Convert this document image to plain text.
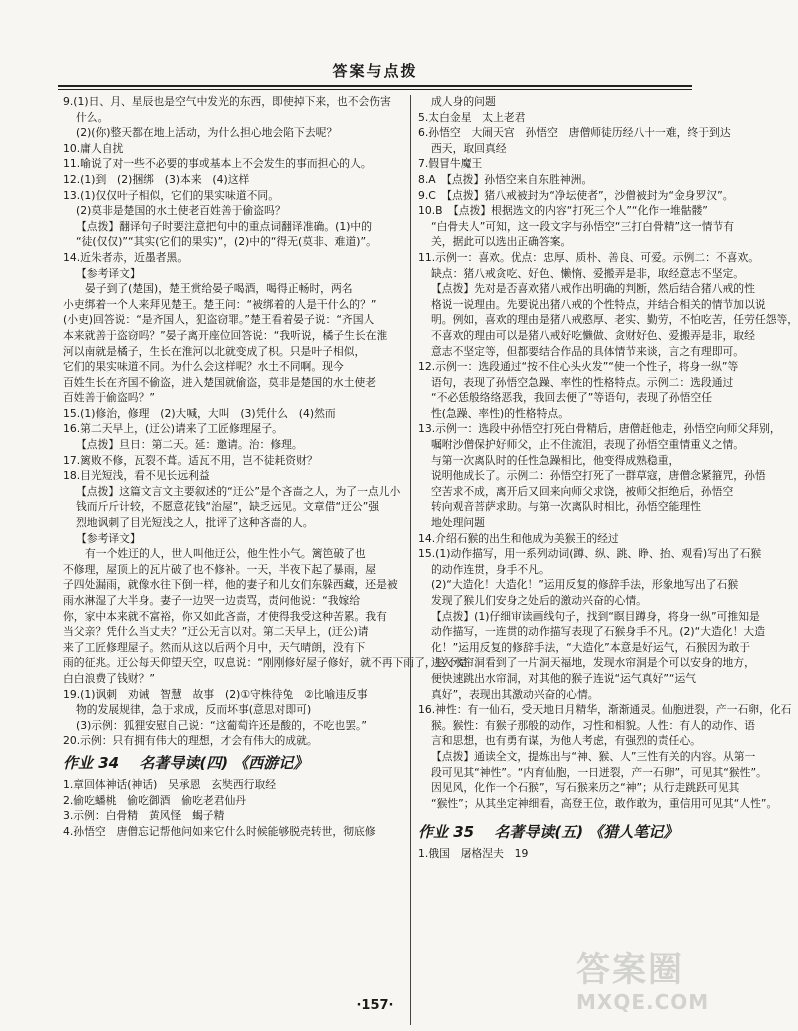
答案与点拨
9.(1)日、月、星辰也是空气中发光的东西，即使掉下来，也不会伤害
什么。
(2)(你)整天都在地上活动，为什么担心地会陷下去呢？
10.庸人自扰
11.喻说了对一些不必要的事或基本上不会发生的事而担心的人。
12.(1)到　(2)捆绑　(3)本来　(4)这样
13.(1)仅仅叶子相似，它们的果实味道不同。
(2)莫非是楚国的水土使老百姓善于偷盗吗？
【点拨】翻译句子时要注意把句中的重点词翻译准确。(1)中的
“徒(仅仅)”“其实(它们的果实)”，(2)中的“得无(莫非、难道)”。
14.近朱者赤，近墨者黑。
【参考译文】
晏子到了(楚国)，楚王赏给晏子喝酒，喝得正畅时，两名
小吏绑着一个人来拜见楚王。楚王问：“被绑着的人是干什么的？”
(小吏)回答说：“是齐国人，犯盗窃罪。”楚王看着晏子说：“齐国人
本来就善于盗窃吗？”晏子离开座位回答说：“我听说，橘子生长在淮
河以南就是橘子，生长在淮河以北就变成了枳。只是叶子相似，
它们的果实味道不同。为什么会这样呢？水土不同啊。现今
百姓生长在齐国不偷盗，进入楚国就偷盗，莫非是楚国的水土使老
百姓善于偷盗吗？”
15.(1)修治，修理　(2)大喊，大叫　(3)凭什么　(4)然而
16.第二天早上，(迂公)请来了工匠修理屋子。
【点拨】旦日：第二天。延：邀请。治：修理。
17.篱败不修，瓦裂不葺。适瓦不用，岂不徒耗资财？
18.目光短浅，看不见长远利益
【点拨】这篇文言文主要叙述的“迂公”是个吝啬之人，为了一点儿小
钱而斤斤计较，不愿意花钱“治屋”，缺乏远见。文章借“迂公”强
烈地讽刺了目光短浅之人，批评了这种吝啬的人。
【参考译文】
有一个姓迂的人，世人叫他迂公，他生性小气。篱笆破了也
不修理，屋顶上的瓦片破了也不修补。一天，半夜下起了暴雨，屋
子四处漏雨，就像水往下倒一样，他的妻子和儿女们东躲西藏，还是被
雨水淋湿了大半身。妻子一边哭一边责骂，责问他说：“我嫁给
你，家中本来就不富裕，你又如此吝啬，才使得我受这种苦累。我有
当父亲？凭什么当丈夫？”迂公无言以对。第二天早上，(迂公)请
来了工匠修理屋子。然而从这以后两个月中，天气晴朗，没有下
雨的征兆。迂公每天仰望天空，叹息说：“刚刚修好屋子修好，就不再下雨了，这不是
白白浪费了钱财？”
19.(1)讽刺　劝诫　智慧　故事　(2)①守株待兔　②比喻违反事
物的发展规律，急于求成，反而坏事(意思对即可)
(3)示例：狐狸安慰自己说：“这葡萄许还是酸的，不吃也罢。”
20.示例：只有拥有伟大的理想，才会有伟大的成就。
作业 34　 名著导读(四) 《西游记》
1.章回体神话(神话)　吴承恩　玄奘西行取经
2.偷吃蟠桃　偷吃御酒　偷吃老君仙丹
3.示例：白骨精　黄风怪　蝎子精
4.孙悟空　唐僧忘记帮他问如来它什么时候能够脱壳转世，彻底修
成人身的问题
5.太白金星　太上老君
6.孙悟空　大闹天宫　孙悟空　唐僧师徒历经八十一难，终于到达
西天，取回真经
7.假冒牛魔王
8.A　【点拨】孙悟空来自东胜神洲。
9.C　【点拨】猪八戒被封为“净坛使者”，沙僧被封为“金身罗汉”。
10.B　【点拨】根据选文的内容“打死三个人”“化作一堆骷髅”
“白骨夫人”可知，这一段文字与孙悟空“三打白骨精”这一情节有
关，据此可以选出正确答案。
11.示例一：喜欢。优点：忠厚、质朴、善良、可爱。示例二：不喜欢。
缺点：猪八戒贪吃、好色、懒惰、爱搬弄是非，取经意志不坚定。
【点拨】先对是否喜欢猪八戒作出明确的判断，然后结合猪八戒的性
格说一说理由。先要说出猪八戒的个性特点，并结合相关的情节加以说
明。例如，喜欢的理由是猪八戒憨厚、老实、勤劳，不怕吃苦，任劳任怨等，
不喜欢的理由可以是猪八戒好吃懒做、贪财好色、爱搬弄是非，取经
意志不坚定等，但都要结合作品的具体情节来谈，言之有理即可。
12.示例一：选段通过“按不住心头火发”“使一个性子，将身一纵”等
语句，表现了孙悟空急躁、率性的性格特点。示例二：选段通过
“不必恁般络络恶我，我回去便了”等语句，表现了孙悟空任
性(急躁、率性)的性格特点。
13.示例一：选段中孙悟空打死白骨精后，唐僧赶他走，孙悟空向师父拜别，
嘱咐沙僧保护好师父，止不住流泪，表现了孙悟空重情重义之情。
与第一次离队时的任性急躁相比，他变得成熟稳重，
说明他成长了。示例二：孙悟空打死了一群草寇，唐僧念紧箍咒，孙悟
空苦求不成，离开后又回来向师父求饶，被师父拒绝后，孙悟空
转向观音菩萨求助。与第一次离队时相比，孙悟空能理性
地处理问题
14.介绍石猴的出生和他成为美猴王的经过
15.(1)动作描写，用一系列动词(蹲、纵、跳、睁、抬、观看)写出了石猴
的动作连贯，身手不凡。
(2)“大造化！大造化！”运用反复的修辞手法，形象地写出了石猴
发现了猴儿们安身之处后的激动兴奋的心情。
【点拨】(1)仔细审读画线句子，找到“瞑目蹲身，将身一纵”可推知是
动作描写，一连贯的动作描写表现了石猴身手不凡。(2)“大造化！大造
化！”运用反复的修辞手法，“大造化”本意是好运气，石猴因为敢于
进入水帘洞看到了一片洞天福地，发现水帘洞是个可以安身的地方，
便快速跳出水帘洞，对其他的猴子连说“运气真好”“运气
真好”，表现出其激动兴奋的心情。
16.神性：有一仙石，受天地日月精华，渐渐通灵。仙胞迸裂，产一石卵，化石
猴。猴性：有猴子那般的动作，习性和相貌。人性：有人的动作、语
言和思想，也有勇有谋，为他人考虑，有强烈的责任心。
【点拨】通读全文，提炼出与“神、猴、人”三性有关的内容。从第一
段可见其“神性”。“内育仙胞，一日迸裂，产一石卵”，可见其“猴性”。
因见风，化作一个石猴”，写石猴来历之“神”；从行走跳跃可见其
“猴性”；从其坐定神细看，高登王位，敢作敢为，重信用可见其“人性”。
作业 35　 名著导读(五) 《猎人笔记》
1.俄国　屠格涅夫　19
·157·
答案圈
MXQE.COM
